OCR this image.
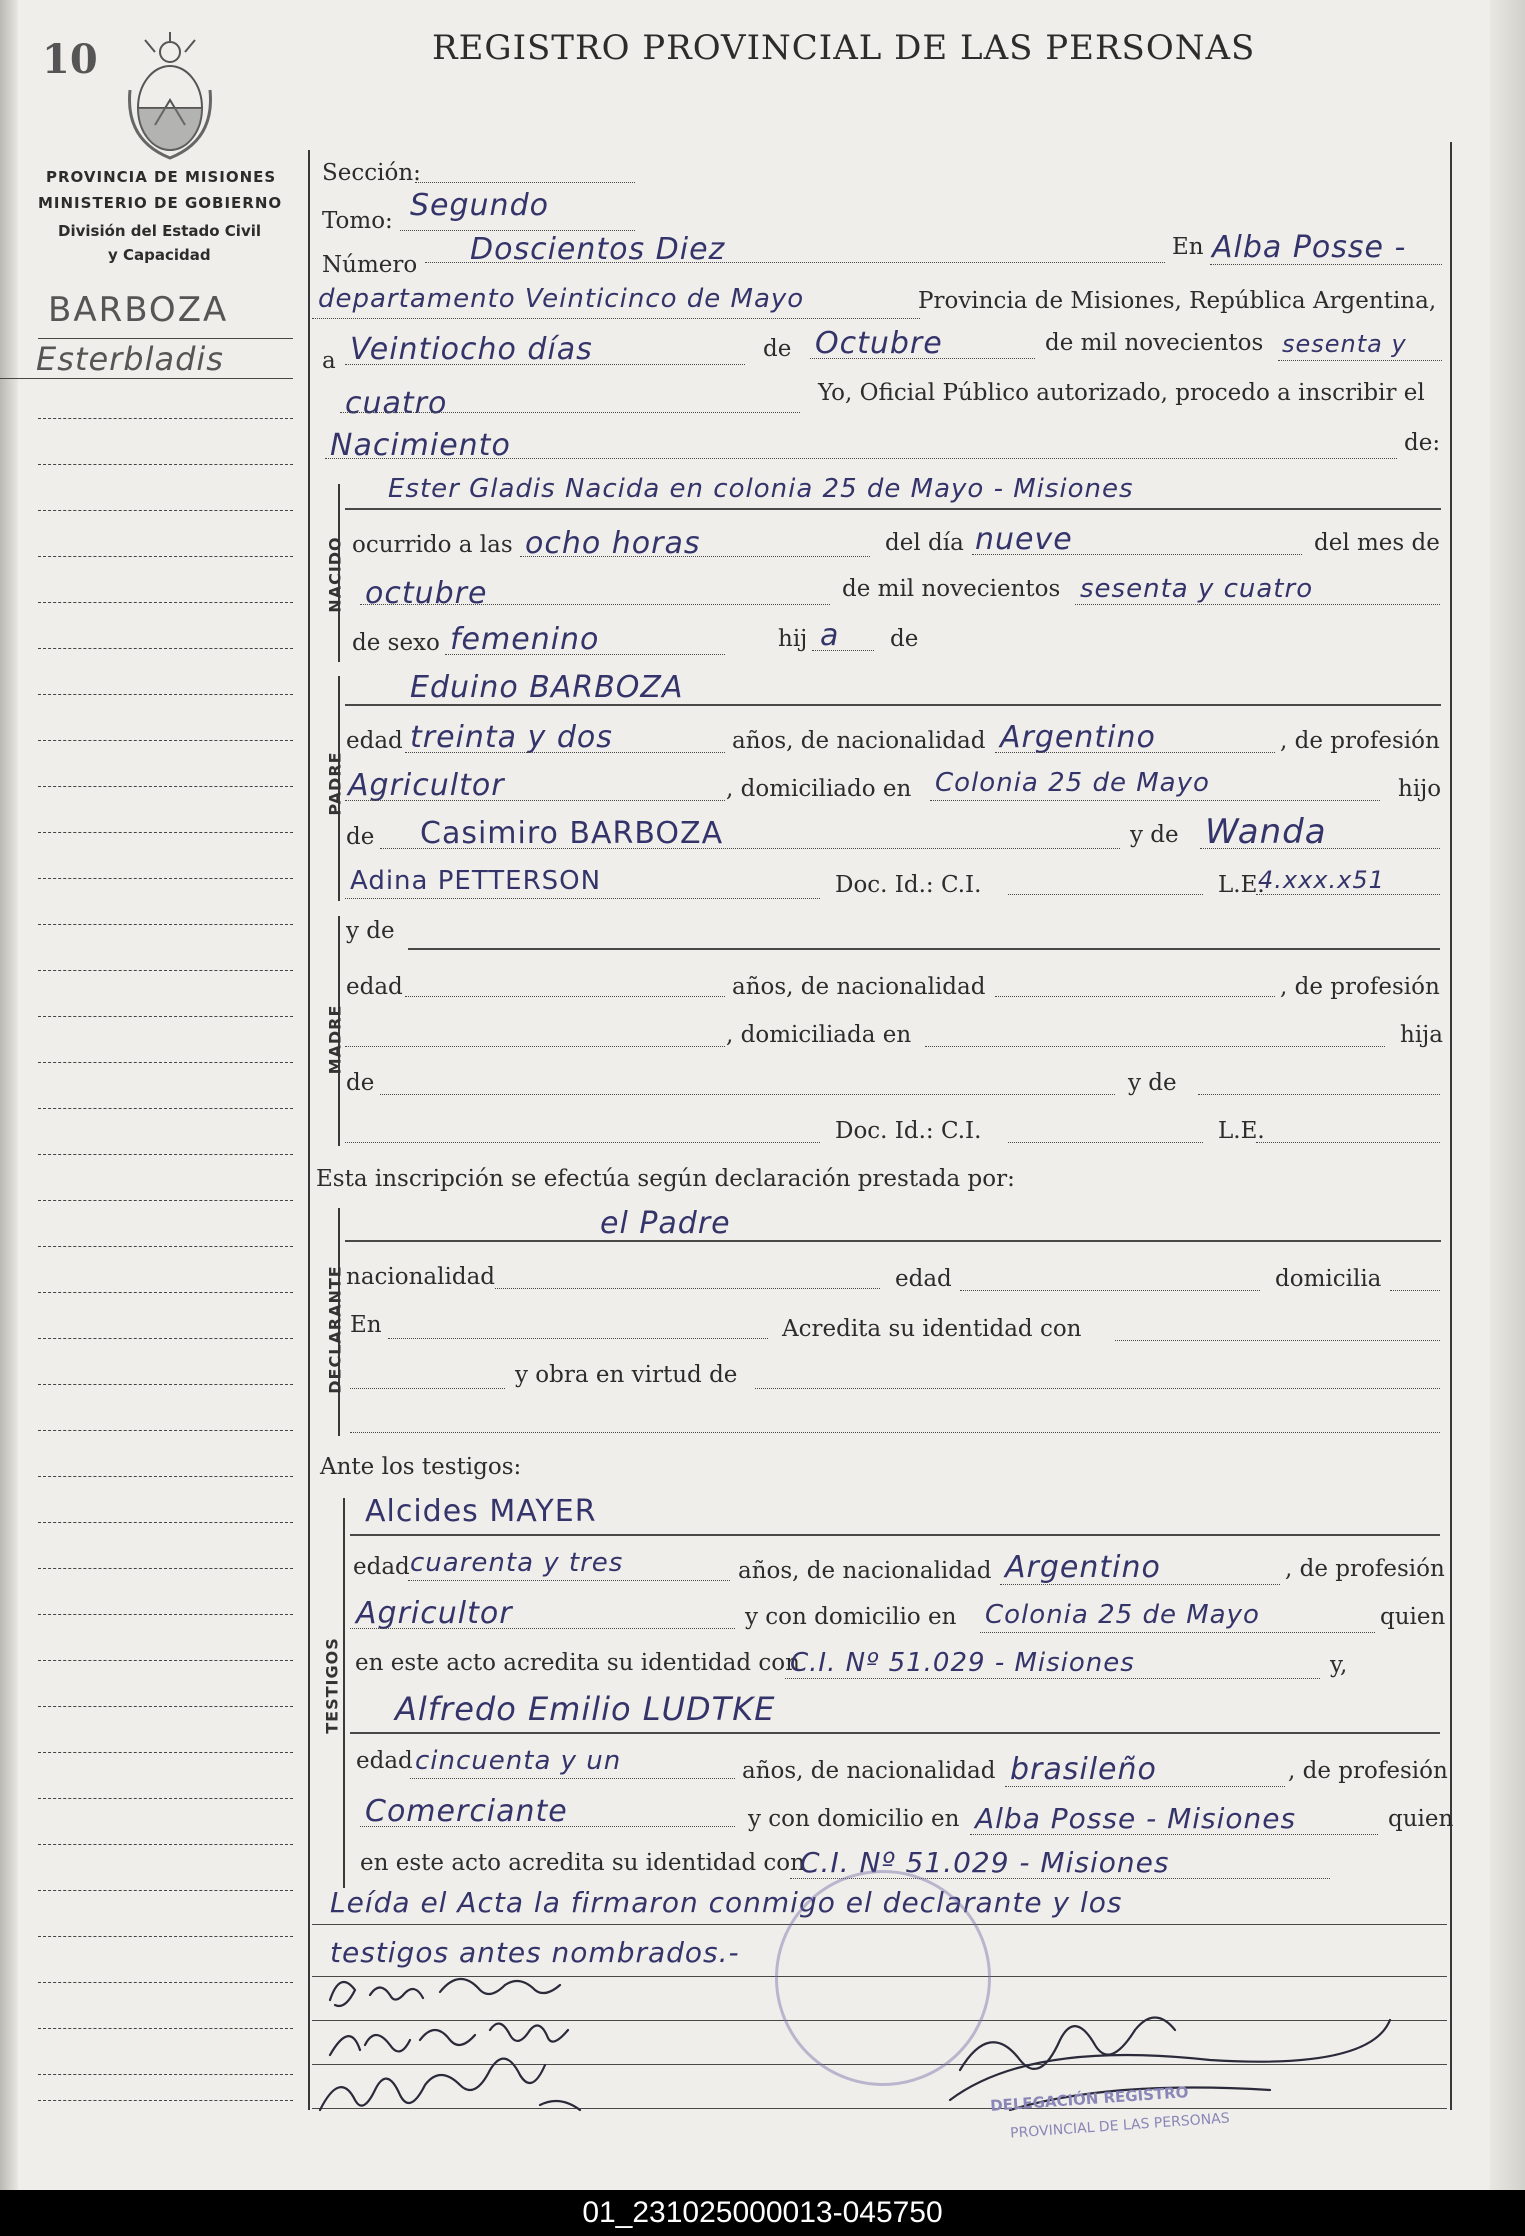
10	REGISTRO PROVINCIAL DE LAS PERSONAS
PROVINCIA DE MISIONES
MINISTERIO DE GOBIERNO
División del Estado Civil
y Capacidad
BARBOZA
Esterbladis
Sección:
Tomo: Segundo
Número Doscientos Diez	En Alba Posse -
departamento Veinticinco de Mayo	Provincia de Misiones, República Argentina,
a Veintiocho días	de Octubre	de mil novecientos sesenta y
cuatro	Yo, Oficial Público autorizado, procedo a inscribir el
Nacimiento	de:
NACIDO
Ester Gladis Nacida en colonia 25 de Mayo - Misiones
ocurrido a las ocho horas	del día nueve	del mes de
octubre	de mil novecientos sesenta y cuatro
de sexo femenino	hij a de
PADRE
Eduino BARBOZA
edad treinta y dos	años, de nacionalidad Argentino	, de profesión
Agricultor	, domiciliado en Colonia 25 de Mayo	hijo
de Casimiro BARBOZA	y de Wanda
Adina PETTERSON	Doc. Id.: C.I.	L.E.
4.xxx.x51
MADRE
y de
edad	años, de nacionalidad	, de profesión
, domiciliada en	hija
de	y de
Doc. Id.: C.I.	L.E.
Esta inscripción se efectúa según declaración prestada por:
DECLARANTE
el Padre
nacionalidad	edad	domicilia
En	Acredita su identidad con
y obra en virtud de
Ante los testigos:
TESTIGOS
Alcides MAYER
edad cuarenta y tres	años, de nacionalidad Argentino	, de profesión
Agricultor	y con domicilio en Colonia 25 de Mayo	quien
en este acto acredita su identidad con
C.I. Nº 51.029 - Misiones	y,
Alfredo Emilio LUDTKE
edad cincuenta y un	años, de nacionalidad brasileño	, de profesión
Comerciante	y con domicilio en Alba Posse - Misiones	quien
en este acto acredita su identidad con
C.I. Nº 51.029 - Misiones
Leída el Acta la firmaron conmigo el declarante y los
testigos antes nombrados.-
DELEGACIÓN REGISTRO
PROVINCIAL DE LAS PERSONAS
01_231025000013-045750
